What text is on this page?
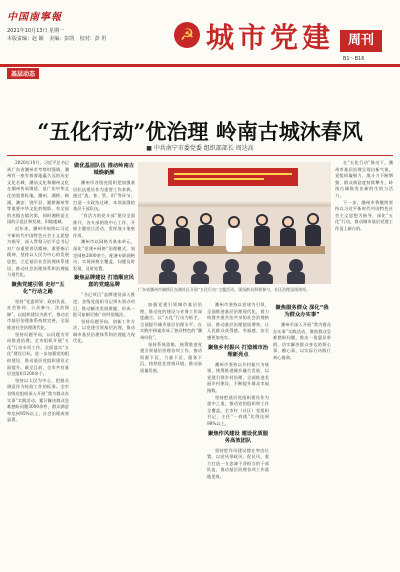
中国南寧報
2021年10月13日 星期一
本版责编：赵 颖 美编：彭凯 校对：彭 坦	☭ 城市党建	周刊
B1～B16
基层动态
“五化行动”优治理 岭南古城沐春风
■ 中共南宁市委党委 组织部部长 周达高

2020年10月，习近平总书记到广东省潮州市考察时强调，潮州有一座有着着地蕴久远的历史文化名城，潮汕文化和潮州文化在潮州传承绵延，是广东中华文化的重要标地。潮州、湘桥、枫溪、潮安、饶平县、湘桥湘州等等重要中华文化的缩影。有全国的名镇古镇名街，同时湘桥是全国的示范区和发展，旧地地域。

近年来，潮州市始终以习近平新时代中国特色社会主义思想为指导，深入贯彻习近平总书记对广东重要讲话精神、重要指示精神，坚持以人民为中心的发展思想，立足基层社会治理体系建设，推动社会治理体系和治理能力现代化。

聚焦党建引领 走好“五化”行动之路

坚持“党委领导、政府负责、社会协同、公众参与、法治保障”，以组织建设为抓手，推动全市基层治理体系持续完善，全面推进社会治理现代化。

坚持问题导向，以问题为导向推进治理。全市组织开展“五化”行动专项工作，全面落实“五化”建设目标，进一步加强党的组织建设，推动基层党组织建设全面提升。截至目前，全市共有基层党组织1200余个。

坚持以人民为中心，把群众满意作为检验工作的标准。全市各级党组织深入开展“我为群众办实事”实践活动，累计解决群众急难愁盼问题3000余件，群众满意率达到95%以上，社会治理成效显著。

做优基层队伍 推动岭南古城焕新颜

潮州市各级党组织把加强基层队伍建设作为重要工作来抓，通过“选、育、管、用”等环节，打造一支政治过硬、本领高强的基层干部队伍。

“有活力的党支部”建设全面推开，各支部围绕中心工作，开展主题党日活动，发挥战斗堡垒作用。

潮州市以网格为基本单元，深化“党建+网格”治理模式，划定网格2000余个，配备专职网格员，实现网格全覆盖，问题及时发现、及时处置。

聚焦品牌建设 打造顺应民意的党建品牌

“书记项目”品牌建设深入推进，各级党组织书记带头领办项目，推动解决发展难题，形成一批可复制可推广的经验做法。

坚持问题导向，创新工作方法，以党建引领基层治理，推动城市基层治理体系和治理能力现代化。

广东省潮州市湘桥区东湖社区开展“五化行动”主题活动，现场群众积极参与，社区治理氛围浓厚。

潮州市坚持以党建为引领，全面推进基层治理现代化，着力构建共建共治共享的社会治理格局，推动基层治理提质增效，让人民群众获得感、幸福感、安全感更加充实。

聚焦乡村振兴 打造城市治理新亮点

潮州市坚持以乡村振兴为统领，统筹推进城乡融合发展，以党建引领乡村治理，全面推进美丽乡村建设，不断提升群众幸福指数。

坚持把基层党组织建设作为重中之重，推动党的组织和工作全覆盖，全市村（社区）党组织书记、主任“一肩挑”比例达到98%以上。

聚焦作风建设 建设优质服务高效团队

坚持把作风建设摆在突出位置，以党风带政风、促民风，着力打造一支忠诚干净担当的干部队伍，推动基层治理各项工作落地见效。

加强党建引领城市基层治理，推动党的建设与业务工作深度融合，以“五化”行动为抓手，全面提升城市基层治理水平，在实践中探索形成了独具特色的“潮州经验”。

坚持系统思维，统筹推进党建引领基层治理各项工作，推动资源下沉、力量下沉、服务下沉，持续优化营商环境，推动高质量发展。

聚焦服务群众 深化“我为群众办实事”

潮州市深入开展“我为群众办实事”实践活动，聚焦群众急难愁盼问题，推出一批惠民举措，切实解决群众身边的烦心事、揪心事，以实际行动践行初心使命。

在“五化行动”推动下，潮州市基层治理呈现出新气象，党组织凝聚力、战斗力不断增强，群众满意度持续攀升，岭南古城焕发出新的生机与活力。

下一步，潮州市将继续坚持以习近平新时代中国特色社会主义思想为指导，深化“五化”行动，推动城市基层党建工作再上新台阶。
